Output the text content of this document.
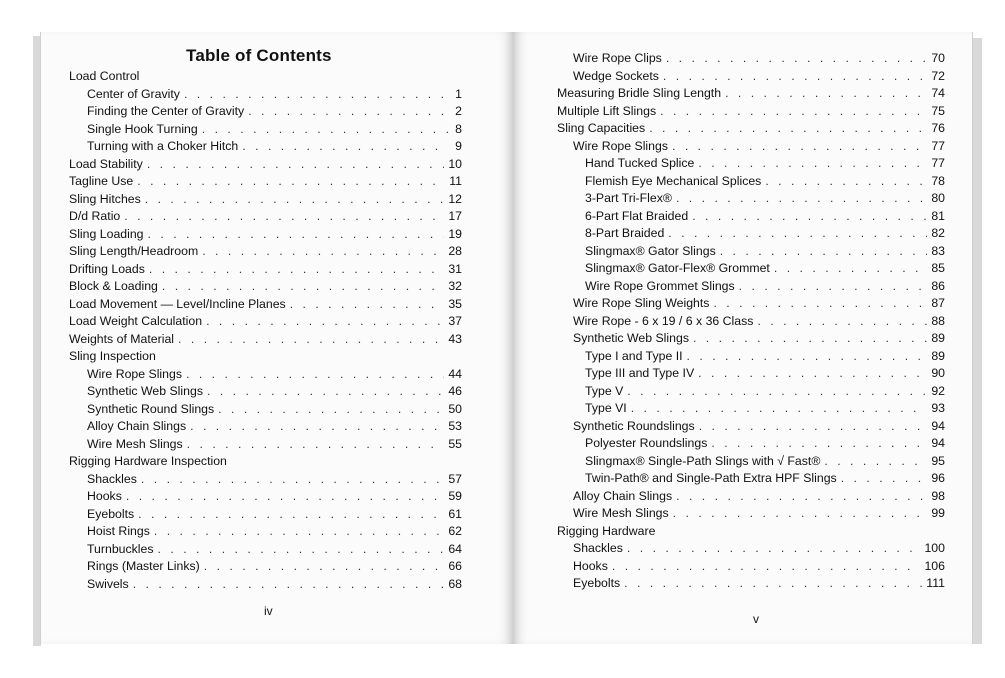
Table of Contents
Load Control
Center of Gravity . . .	1
Finding the Center of Gravity . . .	2
Single Hook Turning . . .	8
Turning with a Choker Hitch . . .	9
Load Stability . . .	10
Tagline Use . . .	11
Sling Hitches . . .	12
D/d Ratio . . .	17
Sling Loading . . .	19
Sling Length/Headroom . . .	28
Drifting Loads . . .	31
Block & Loading . . .	32
Load Movement — Level/Incline Planes . . .	35
Load Weight Calculation . . .	37
Weights of Material . . .	43
Sling Inspection
Wire Rope Slings . . .	44
Synthetic Web Slings . . .	46
Synthetic Round Slings . . .	50
Alloy Chain Slings . . .	53
Wire Mesh Slings . . .	55
Rigging Hardware Inspection
Shackles . . .	57
Hooks . . .	59
Eyebolts . . .	61
Hoist Rings . . .	62
Turnbuckles . . .	64
Rings (Master Links) . . .	66
Swivels . . .	68
iv
Wire Rope Clips . . .	70
Wedge Sockets . . .	72
Measuring Bridle Sling Length . . .	74
Multiple Lift Slings . . .	75
Sling Capacities . . .	76
Wire Rope Slings . . .	77
Hand Tucked Splice . . .	77
Flemish Eye Mechanical Splices . . .	78
3-Part Tri-Flex® . . .	80
6-Part Flat Braided . . .	81
8-Part Braided . . .	82
Slingmax® Gator Slings . . .	83
Slingmax® Gator-Flex® Grommet . . .	85
Wire Rope Grommet Slings . . .	86
Wire Rope Sling Weights . . .	87
Wire Rope - 6 x 19 / 6 x 36 Class . . .	88
Synthetic Web Slings . . .	89
Type I and Type II . . .	89
Type III and Type IV . . .	90
Type V . . .	92
Type VI . . .	93
Synthetic Roundslings . . .	94
Polyester Roundslings . . .	94
Slingmax® Single-Path Slings with √ Fast® . . .	95
Twin-Path® and Single-Path Extra HPF Slings . . .	96
Alloy Chain Slings . . .	98
Wire Mesh Slings . . .	99
Rigging Hardware
Shackles . . .	100
Hooks . . .	106
Eyebolts . . .	111
v
